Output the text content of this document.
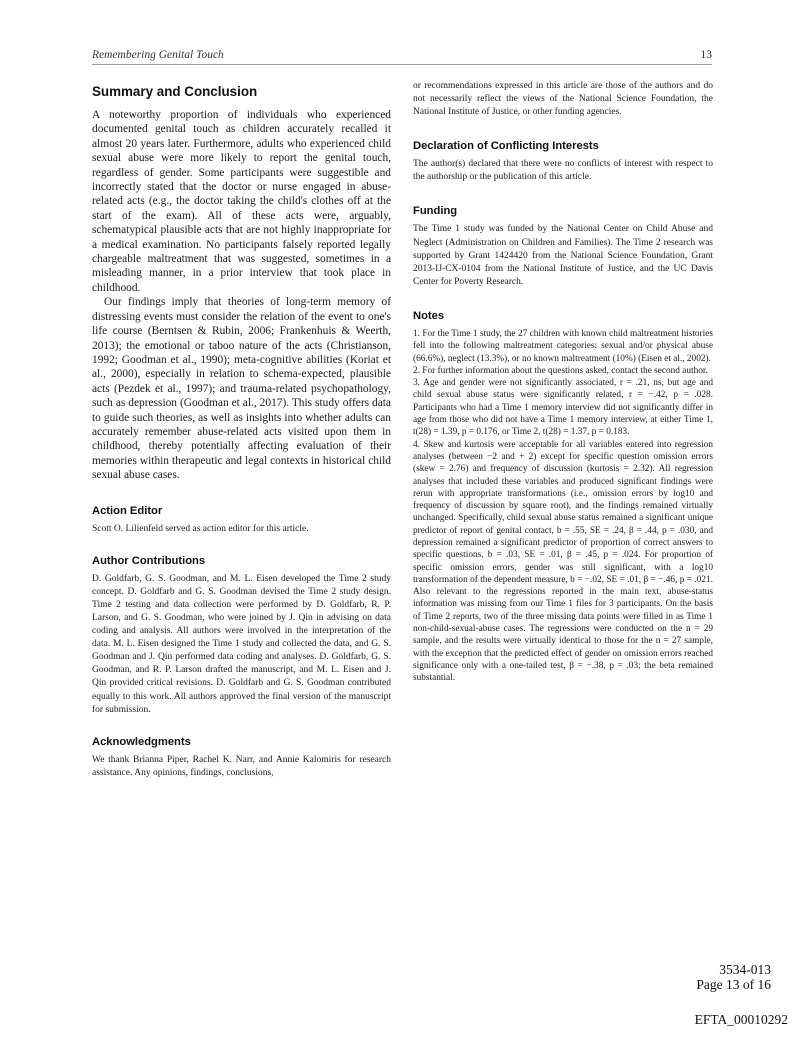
Remembering Genital Touch	13
Summary and Conclusion

A noteworthy proportion of individuals who experienced documented genital touch as children accurately recalled it almost 20 years later. Furthermore, adults who experienced child sexual abuse were more likely to report the genital touch, regardless of gender. Some participants were suggestible and incorrectly stated that the doctor or nurse engaged in abuse-related acts (e.g., the doctor taking the child's clothes off at the start of the exam). All of these acts were, arguably, schematypical plausible acts that are not highly inappropriate for a medical examination. No participants falsely reported legally chargeable maltreatment that was suggested, sometimes in a misleading manner, in a prior interview that took place in childhood.

Our findings imply that theories of long-term memory of distressing events must consider the relation of the event to one's life course (Berntsen & Rubin, 2006; Frankenhuis & Weerth, 2013); the emotional or taboo nature of the acts (Christianson, 1992; Goodman et al., 1990); meta-cognitive abilities (Koriat et al., 2000), especially in relation to schema-expected, plausible acts (Pezdek et al., 1997); and trauma-related psychopathology, such as depression (Goodman et al., 2017). This study offers data to guide such theories, as well as insights into whether adults can accurately remember abuse-related acts visited upon them in childhood, thereby potentially affecting evaluation of their memories within therapeutic and legal contexts in historical child sexual abuse cases.

Action Editor

Scott O. Lilienfeld served as action editor for this article.

Author Contributions

D. Goldfarb, G. S. Goodman, and M. L. Eisen developed the Time 2 study concept. D. Goldfarb and G. S. Goodman devised the Time 2 study design. Time 2 testing and data collection were performed by D. Goldfarb, R. P. Larson, and G. S. Goodman, who were joined by J. Qin in advising on data coding and analysis. All authors were involved in the interpretation of the data. M. L. Eisen designed the Time 1 study and collected the data, and G. S. Goodman and J. Qin performed data coding and analyses. D. Goldfarb, G. S. Goodman, and R. P. Larson drafted the manuscript, and M. L. Eisen and J. Qin provided critical revisions. D. Goldfarb and G. S. Goodman contributed equally to this work. All authors approved the final version of the manuscript for submission.

Acknowledgments

We thank Brianna Piper, Rachel K. Narr, and Annie Kalomiris for research assistance. Any opinions, findings, conclusions,

or recommendations expressed in this article are those of the authors and do not necessarily reflect the views of the National Science Foundation, the National Institute of Justice, or other funding agencies.

Declaration of Conflicting Interests

The author(s) declared that there were no conflicts of interest with respect to the authorship or the publication of this article.

Funding

The Time 1 study was funded by the National Center on Child Abuse and Neglect (Administration on Children and Families). The Time 2 research was supported by Grant 1424420 from the National Science Foundation, Grant 2013-IJ-CX-0104 from the National Institute of Justice, and the UC Davis Center for Poverty Research.

Notes

1. For the Time 1 study, the 27 children with known child maltreatment histories fell into the following maltreatment categories: sexual and/or physical abuse (66.6%), neglect (13.3%), or no known maltreatment (10%) (Eisen et al., 2002).

2. For further information about the questions asked, contact the second author.

3. Age and gender were not significantly associated, r = .21, ns, but age and child sexual abuse status were significantly related, r = −.42, p = .028. Participants who had a Time 1 memory interview did not significantly differ in age from those who did not have a Time 1 memory interview, at either Time 1, t(28) = 1.39, p = 0.176, or Time 2, t(28) = 1.37, p = 0.183.

4. Skew and kurtosis were acceptable for all variables entered into regression analyses (between −2 and + 2) except for specific question omission errors (skew = 2.76) and frequency of discussion (kurtosis = 2.32). All regression analyses that included these variables and produced significant findings were rerun with appropriate transformations (i.e., omission errors by log10 and frequency of discussion by square root), and the findings remained virtually unchanged. Specifically, child sexual abuse status remained a significant unique predictor of report of genital contact, b = .55, SE = .24, β = .44, p = .030, and depression remained a significant predictor of proportion of correct answers to specific questions, b = .03, SE = .01, β = .45, p = .024. For proportion of specific omission errors, gender was still significant, with a log10 transformation of the dependent measure, b = −.02, SE = .01, β = −.46, p = .021. Also relevant to the regressions reported in the main text, abuse-status information was missing from our Time 1 files for 3 participants. On the basis of Time 2 reports, two of the three missing data points were filled in as Time 1 non-child-sexual-abuse cases. The regressions were conducted on the n = 29 sample, and the results were virtually identical to those for the n = 27 sample, with the exception that the predicted effect of gender on omission errors reached significance only with a one-tailed test, β = −.38, p = .03; the beta remained substantial.

3534-013
Page 13 of 16
EFTA_00010292
